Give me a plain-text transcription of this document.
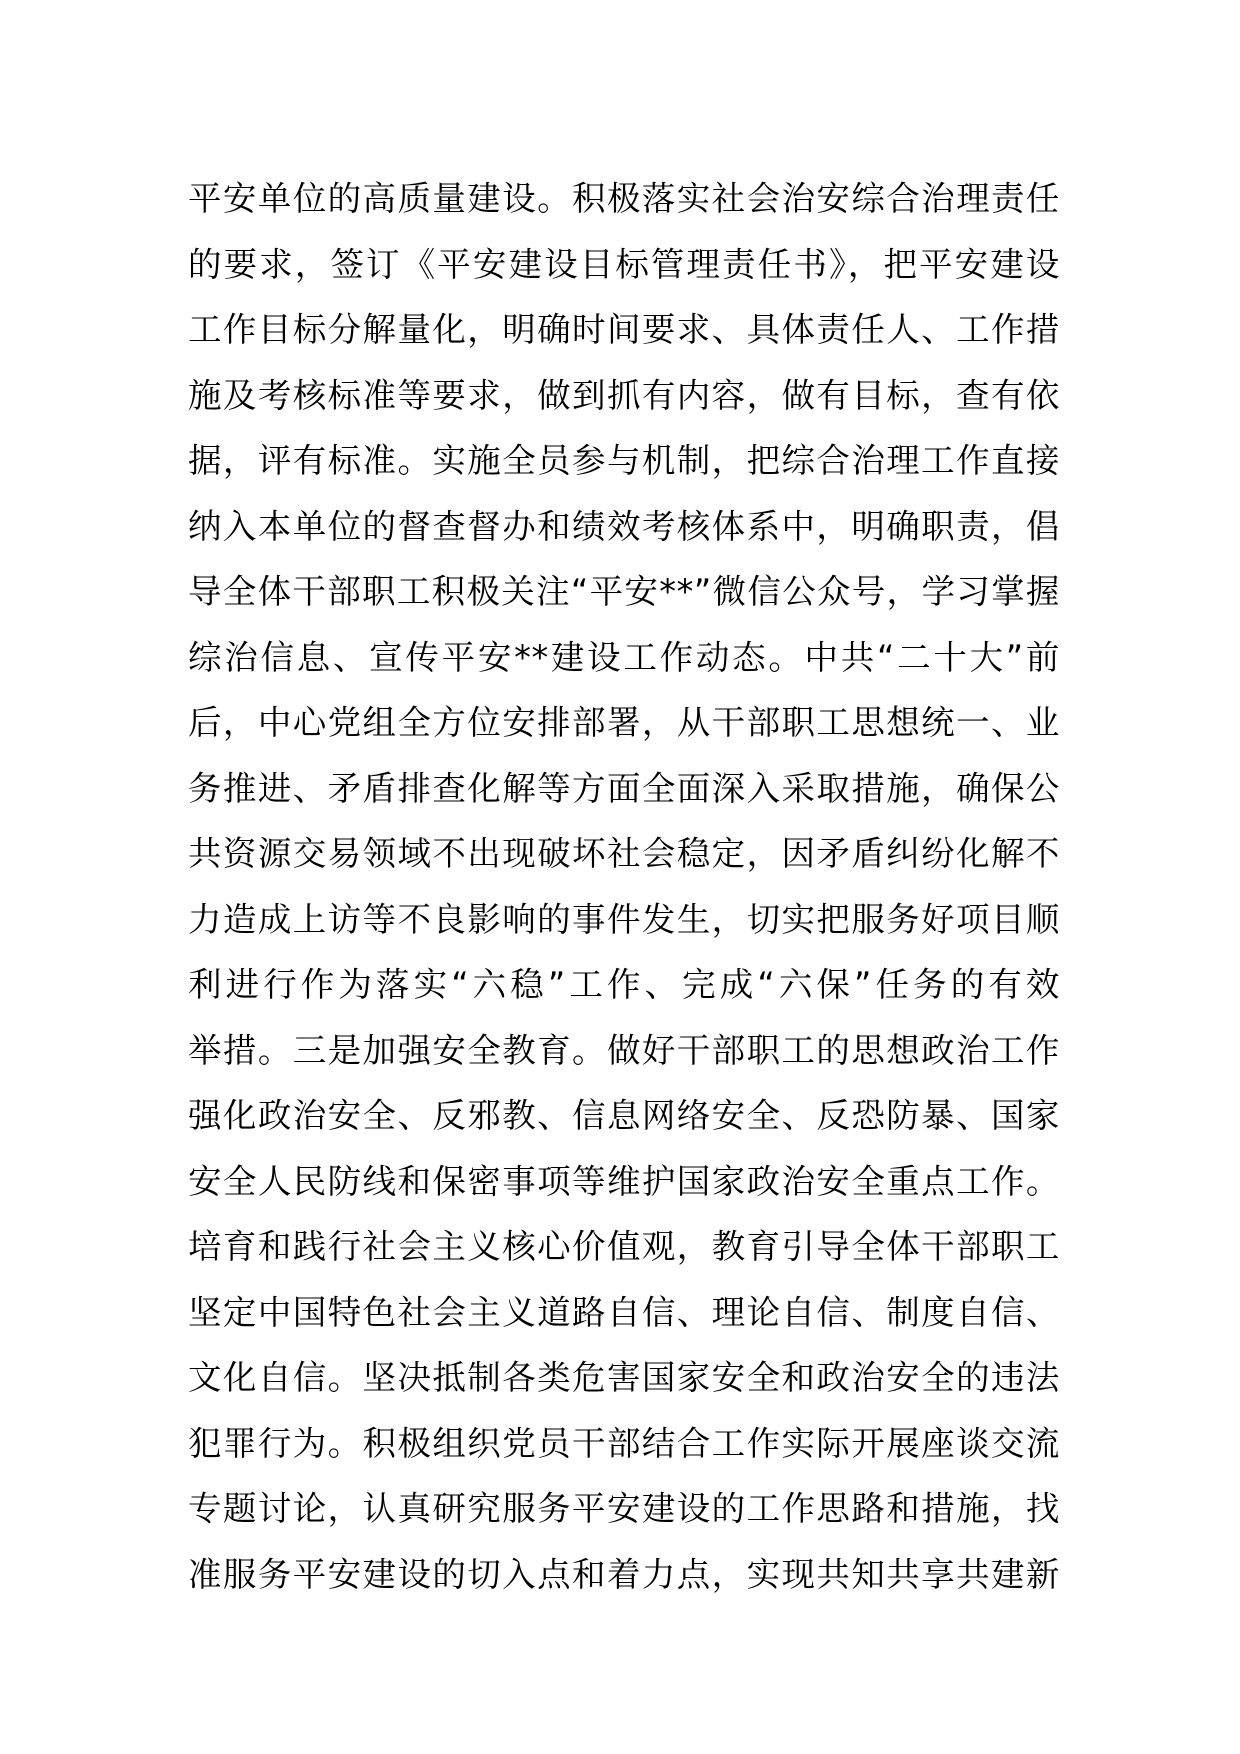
平安单位的高质量建设。积极落实社会治安综合治理责任
的要求，签订《平安建设目标管理责任书》，把平安建设
工作目标分解量化，明确时间要求、具体责任人、工作措
施及考核标准等要求，做到抓有内容，做有目标，查有依
据，评有标准。实施全员参与机制，把综合治理工作直接
纳入本单位的督查督办和绩效考核体系中，明确职责，倡
导全体干部职工积极关注“平安**”微信公众号，学习掌握
综治信息、宣传平安**建设工作动态。中共“二十大”前
后，中心党组全方位安排部署，从干部职工思想统一、业
务推进、矛盾排查化解等方面全面深入采取措施，确保公
共资源交易领域不出现破坏社会稳定，因矛盾纠纷化解不
力造成上访等不良影响的事件发生，切实把服务好项目顺
利进行作为落实“六稳”工作、完成“六保”任务的有效
举措。三是加强安全教育。做好干部职工的思想政治工作
强化政治安全、反邪教、信息网络安全、反恐防暴、国家
安全人民防线和保密事项等维护国家政治安全重点工作。
培育和践行社会主义核心价值观，教育引导全体干部职工
坚定中国特色社会主义道路自信、理论自信、制度自信、
文化自信。坚决抵制各类危害国家安全和政治安全的违法
犯罪行为。积极组织党员干部结合工作实际开展座谈交流
专题讨论，认真研究服务平安建设的工作思路和措施，找
准服务平安建设的切入点和着力点，实现共知共享共建新
